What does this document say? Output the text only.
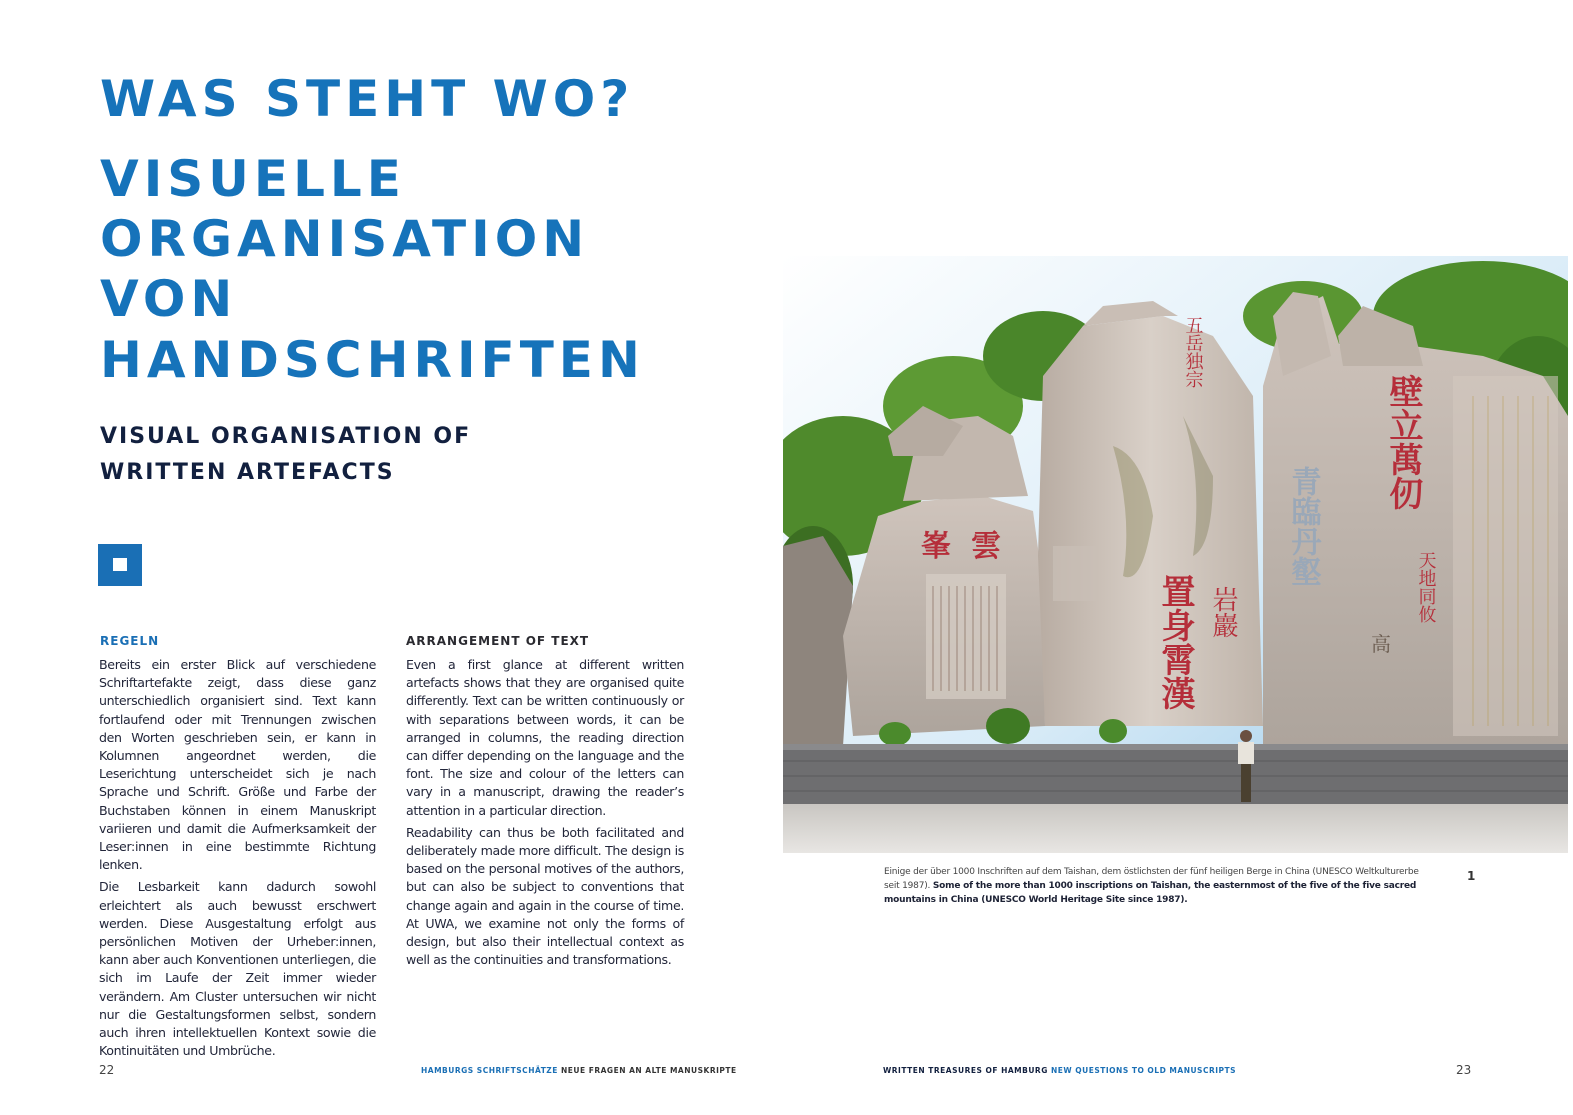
WAS STEHT WO?
VISUELLE
ORGANISATION
VON
HANDSCHRIFTEN
VISUAL ORGANISATION OF
WRITTEN ARTEFACTS
REGELN

Bereits ein erster Blick auf verschiedene Schriftartefakte zeigt, dass diese ganz unterschiedlich organisiert sind. Text kann fortlaufend oder mit Trennungen zwischen den Worten geschrieben sein, er kann in Kolumnen angeordnet werden, die Leserichtung unterscheidet sich je nach Sprache und Schrift. Größe und Farbe der Buchstaben können in einem Manuskript variieren und damit die Aufmerksamkeit der Leser:innen in eine bestimmte Richtung lenken.

Die Lesbarkeit kann dadurch sowohl erleichtert als auch bewusst erschwert werden. Diese Ausgestaltung erfolgt aus persönlichen Motiven der Urheber:innen, kann aber auch Konventionen unterliegen, die sich im Laufe der Zeit immer wieder verändern. Am Cluster untersuchen wir nicht nur die Gestaltungsformen selbst, sondern auch ihren intellektuellen Kontext sowie die Kontinuitäten und Umbrüche.

ARRANGEMENT OF TEXT

Even a first glance at different written artefacts shows that they are organised quite differently. Text can be written continuously or with separations between words, it can be arranged in columns, the reading direction can differ depending on the language and the font. The size and colour of the letters can vary in a manuscript, drawing the reader’s attention in a particular direction.

Readability can thus be both facilitated and deliberately made more difficult. The design is based on the personal motives of the authors, but can also be subject to conventions that change again and again in the course of time. At UWA, we examine not only the forms of design, but also their intellectual context as well as the continuities and transformations.

22	HAMBURGS SCHRIFTSCHÄTZE NEUE FRAGEN AN ALTE MANUSKRIPTE
雲
峯
置身霄漢
壁立萬仞
五岳独宗
天地同攸
岩巖
青臨丹壑
高
Einige der über 1000 Inschriften auf dem Taishan, dem östlichsten der fünf heiligen Berge in China (UNESCO Weltkulturerbe seit 1987). Some of the more than 1000 inscriptions on Taishan, the easternmost of the five of the five sacred mountains in China (UNESCO World Heritage Site since 1987).
1
WRITTEN TREASURES OF HAMBURG NEW QUESTIONS TO OLD MANUSCRIPTS	23
